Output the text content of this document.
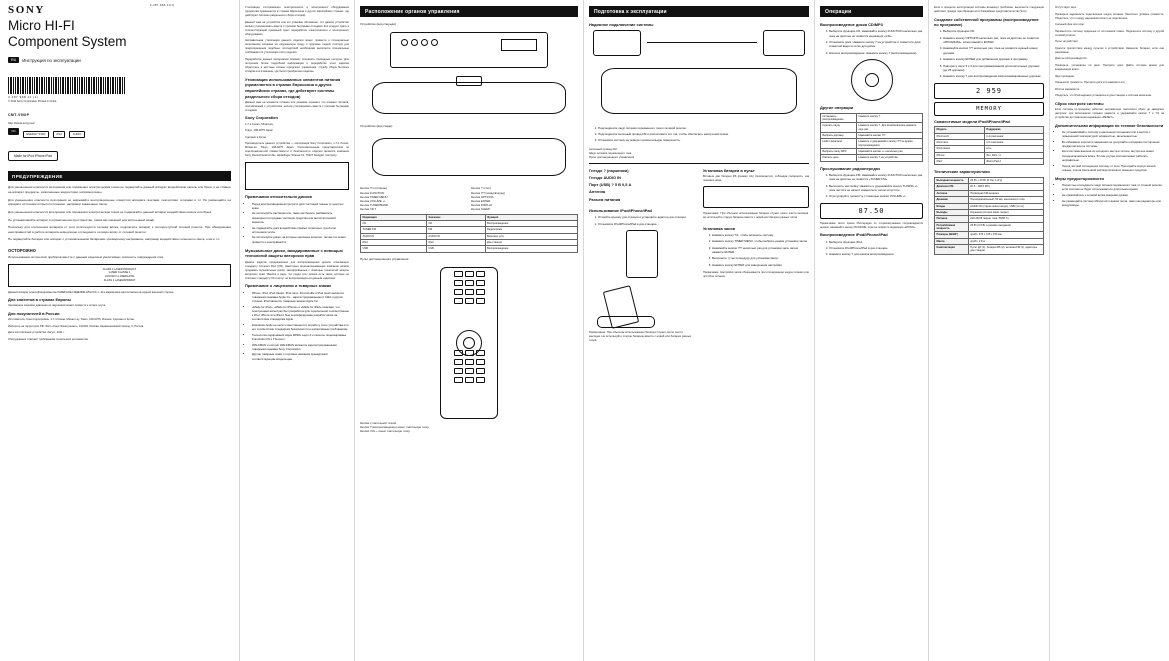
SONY	4-287-968-11(1)
Micro HI-FI
Component System
RU	Инструкция по эксплуатации
4 287 968 11 (1)
© 2011 Sony Corporation Printed in China
CMT-V50iP
http://www.sony.net/
CD
ENERGY STAR	iPod	AUDIO
Made for iPod iPhone iPad
ПРЕДУПРЕЖДЕНИЕ

Для уменьшения опасности возгорания или поражения электрическим током не подвергайте данный аппарат воздействию капель или брызг и не ставьте на аппарат предметы, заполненные жидкостями, например вазы.

Для уменьшения опасности возгорания не закрывайте вентиляционные отверстия аппарата газетами, скатертями, шторами и т.п. Не размещайте на аппарате источники открытого пламени, например зажженные свечи.

Для уменьшения опасности возгорания или поражения электрическим током не подвергайте данный аппарат воздействию капель или брызг.

Не устанавливайте аппарат в ограниченном пространстве, таком как книжный или встроенный шкаф.

Поскольку для отключения аппарата от сети используется сетевая вилка, подключите аппарат к легкодоступной сетевой розетке. При обнаружении неисправностей в работе аппарата немедленно отсоедините сетевую вилку от сетевой розетки.

Не подвергайте батареи или аппарат с установленными батареями чрезмерному нагреванию, например воздействию солнечного света, огня и т.п.

ОСТОРОЖНО

Использование оптических приборов вместе с данным изделием увеличивает опасность повреждения глаз.

CLASS 1 LASER PRODUCT
LASER KLASSE 1
LUOKAN 1 LASERLAITE
KLASS 1 LASERAPPARAT

Данный аппарат классифицирован как ЛАЗЕРНОЕ ИЗДЕЛИЕ КЛАССА 1. Эта маркировка расположена на задней внешней стороне.

Для клиентов в странах Европы

Чрезмерное звуковое давление из наушников может привести к потере слуха.

Для покупателей в России

Изготовитель: Сони Корпорейшн, 1-7-1 Конан, Минато-ку, Токио, 108-0075, Япония. Сделано в Китае.

Импортер на территории РФ: ЗАО «Сони Электроникс», 123103, Москва, Карамышевский проезд, 6, Россия.

Дата изготовления устройства: Август, 2011 г.

Оборудование отвечает требованиям технических регламентов.

Утилизация отслужившего электрического и электронного оборудования (директива применяется в странах Евросоюза и других европейских странах, где действуют системы раздельного сбора отходов).

Данный знак на устройстве или его упаковке обозначает, что данное устройство нельзя утилизировать вместе с прочими бытовыми отходами. Его следует сдать в соответствующий приемный пункт переработки электрического и электронного оборудования.

Неправильная утилизация данного изделия может привести к потенциально негативному влиянию на окружающую среду и здоровье людей, поэтому для предотвращения подобных последствий необходимо выполнять специальные требования по утилизации этого изделия.

Переработка данных материалов поможет сохранить природные ресурсы. Для получения более подробной информации о переработке этого изделия обратитесь в местные органы городского управления, службу сбора бытовых отходов или в магазин, где было приобретено изделие.

Утилизация использованных элементов питания (применяется в странах Евросоюза и других европейских странах, где действуют системы раздельного сбора отходов)

Данный знак на элементе питания или упаковке означает, что элемент питания, поставляемый с устройством, нельзя утилизировать вместе с прочими бытовыми отходами.

Sony Corporation

1-7-1 Konan, Minato-ku,

Tokyo, 108-0075 Japan

Сделано в Китае

Производитель данного устройства — корпорация Sony Corporation, 1-7-1 Konan, Minato-ku, Tokyo, 108-0075 Japan. Уполномоченным представителем по электромагнитной совместимости и безопасности изделия является компания Sony Deutschland GmbH, Hedelfinger Strasse 61, 70327 Stuttgart, Germany.

Примечания относительно дисков
• Перед воспроизведением протрите диск чистящей тканью от центра к краю.
• Не используйте растворители, такие как бензин, разбавитель, имеющиеся в продаже чистящие средства или антистатический аэрозоль.
• Не подвергайте диск воздействию прямых солнечных лучей или источников тепла.
• Не используйте диски, на которые наклеены этикетки, так как это может привести к неисправности.
Музыкальные диски, закодированные с помощью технологий защиты авторских прав

Данное изделие предназначено для воспроизведения дисков, отвечающих стандарту Compact Disc (CD). Некоторые звукозаписывающие компании начали продавать музыкальные диски, закодированные с помощью технологий защиты авторских прав. Имейте в виду, что среди этих дисков есть такие, которые не отвечают стандарту CD и могут не воспроизводиться данным изделием.

Примечание о лицензиях и товарных знаках
• iPhone, iPod, iPod classic, iPod nano, iPod shuffle и iPod touch являются товарными знаками Apple Inc., зарегистрированными в США и других странах. iPad является товарным знаком Apple Inc.
• «Made for iPod», «Made for iPhone» и «Made for iPad» означают, что электронный аксессуар был разработан для подключения соответственно к iPod, iPhone или iPad и был сертифицирован разработчиком на соответствие стандартам Apple.
• Компания Apple не несет ответственности за работу этого устройства или его соответствие стандартам безопасности и нормативным требованиям.
• Технология кодирования звука MPEG Layer-3 и патенты лицензированы Fraunhofer IIS и Thomson.
• WALKMAN и логотип WALKMAN являются зарегистрированными товарными знаками Sony Corporation.
• Другие товарные знаки и торговые названия принадлежат соответствующим владельцам.
Расположение органов управления
Устройство (вид спереди)
Устройство (вид сзади)
Кнопка ?/1 (питание)
Кнопка FUNCTION
Кнопка TIMER MENU
Кнопка VOLUME +/-
Кнопка TUNER/BAND
Кнопка CD ?
Кнопка ? (стоп)
Кнопка ?/? (назад/вперед)
Кнопка OPTIONS
Кнопка ENTER
Кнопка DISPLAY
Кнопка SLEEP
Индикация	Значение	Функция
CD	CD	Воспроизведение
TUNER FM	FM	Радиоприем
AUDIO IN	AUDIO IN	Внешнее устр.
iPod	iPod	Док-станция
USB	USB	Воспроизведение
Пульт дистанционного управления
Кнопка с тактильной точкой.
Кнопка ? (воспроизведение) имеет тактильную точку.
Кнопка VOL + имеет тактильную точку.
Подготовка к эксплуатации
Надежное подключение системы
1. Подсоедините шнур питания переменного тока к сетевой розетке.
2. Подсоедините антенный провод FM и расположите его так, чтобы обеспечить наилучший прием.
3. Установите систему на ровную горизонтальную поверхность.
Антенный провод FM
Шнур питания переменного тока
Пульт дистанционного управления
Гнездо ? (наушники)
Гнездо AUDIO IN
Порт (USB) ? 5 В 0,5 А
Антенна
Разъем питания
Использование iPod/iPhone/iPad
1. Откройте крышку док-станции и установите адаптер док-станции.
2. Установите iPod/iPhone/iPad в док-станцию.
Примечание: При обычном использовании батареи служат около шести месяцев. Не используйте старую батарею вместе с новой или батареи разных типов.
Установка батареи в пульт

Вставьте две батареи R6 (размер AA) (прилагаются), соблюдая полярность, как показано ниже.

Примечание: При обычном использовании батареи служат около шести месяцев. Не используйте старую батарею вместе с новой или батареи разных типов.

Установка часов
1. Нажмите кнопку ?/1, чтобы включить систему.
2. Нажмите кнопку TIMER MENU, чтобы выбрать режим установки часов.
3. Нажимайте кнопки ?/? несколько раз для установки часа, затем нажмите ENTER.
4. Выполните ту же процедуру для установки минут.
5. Нажмите кнопку ENTER для завершения настройки.

Примечание: Настройки часов сбрасываются при отсоединении шнура питания или при сбое питания.

Операции
Воспроизведение диска CD/MP3
1. Выберите функцию CD. Нажимайте кнопку FUNCTION несколько раз, пока на дисплее не появится индикация «CD».
2. Установите диск. Нажмите кнопку ? на устройстве и поместите диск этикеткой вверх в отсек для диска.
3. Начните воспроизведение. Нажмите кнопку ? (воспроизведение).
Другие операции
Остановить воспроизведение	Нажмите кнопку ?.
Сделать паузу	Нажмите кнопку ?. Для возобновления нажмите еще раз.
Выбрать дорожку	Нажимайте кнопки ?/?.
Найти фрагмент	Нажмите и удерживайте кнопку ?/? во время воспроизведения.
Выбрать папку MP3	Нажимайте кнопки +/- несколько раз.
Извлечь диск	Нажмите кнопку ? на устройстве.
Прослушивание радиопередач
1. Выберите функцию FM. Нажимайте кнопку FUNCTION несколько раз, пока на дисплее не появится «TUNER FM».
2. Выполните настройку. Нажмите и удерживайте кнопку TUNING +/-, пока частота не начнет изменяться, затем отпустите.
3. Отрегулируйте громкость с помощью кнопки VOLUME +/-.
87.50

Примечание: Если прием FM-передач со стереозвучанием сопровождается шумом, нажимайте кнопку FM MODE, пока не появится индикация «MONO».

Воспроизведение iPod/iPhone/iPad
1. Выберите функцию iPod.
2. Установите iPod/iPhone/iPad в док-станцию.
3. Нажмите кнопку ? для начала воспроизведения.

Если в процессе эксплуатации системы возникнут проблемы, выполните следующие действия, прежде чем обращаться в ближайшее представительство Sony.

Создание собственной программы (воспроизведение по программе)
1. Выберите функцию CD.
2. Нажмите кнопку OPTIONS несколько раз, пока на дисплее не появится «PROGRAM», затем нажмите ENTER.
3. Нажимайте кнопки ?/? несколько раз, пока не появится нужный номер дорожки.
4. Нажмите кнопку ENTER для добавления дорожки в программу.
5. Повторите шаги 3 и 4 для программирования дополнительных дорожек (до 25 дорожек).
6. Нажмите кнопку ? для воспроизведения запрограммированных дорожек.
2 959
MEMORY
Совместимые модели iPod/iPhone/iPad
Модель	Поддержка
iPod touch	1-4 поколения
iPod nano	1-6 поколения
iPod classic	есть
iPhone	3G / 3GS / 4
iPad	iPad / iPad 2
Технические характеристики
Выходная мощность	20 Вт + 20 Вт (6 Ом, 1 кГц)
Диапазон FM	87,5 - 108,0 МГц
Антенна	Проводная FM-антенна
Динамик	Полнодиапазонный, 50 мм, конического типа
Входы	AUDIO IN (стерео мини-гнездо), USB (тип A)
Выходы	Наушники (стерео мини-гнездо)
Питание	220-240 В перем. тока, 50/60 Гц
Потребляемая мощность	25 Вт (0,5 Вт в режиме ожидания)
Размеры (Ш/В/Г)	прибл. 370 x 135 x 150 мм
Масса	прибл. 2,8 кг
Комплектация	Пульт ДУ (1), батареи R6 (2), антенна FM (1), адаптеры док-станции

Отсутствует звук.

Проверьте надежность подключения шнура питания. Увеличьте уровень громкости. Убедитесь, что к гнезду наушников ничего не подключено.

Сильный фон или шум.

Переместите систему подальше от источников помех. Подключите систему к другой сетевой розетке.

Пульт не работает.

Удалите препятствия между пультом и устройством. Замените батареи, если они разряжены.

Диск не воспроизводится.

Проверьте, установлен ли диск. Протрите диск. Дайте системе время для конденсации влаги.

Звук пропадает.

Уменьшите громкость. Протрите диск или замените его.

iPod не заряжается.

Убедитесь, что iPod надежно установлен в док-станцию и система включена.

Сброс настроек системы

Если система по-прежнему работает неправильно, выполните сброс до заводских настроек: при включенном питании нажмите и удерживайте кнопки ? и ?/1 на устройстве до появления индикации «RESET».

Дополнительная информация по технике безопасности
• Не устанавливайте систему в наклонном положении или в местах с повышенной температурой, влажностью, запыленностью.
• Во избежание короткого замыкания не допускайте попадания посторонних предметов внутрь системы.
• Если система внесена из холодного места в теплое, внутри нее может сконденсироваться влага. В этом случае система может работать неправильно.
• Перед чисткой отсоедините систему от сети. Протирайте корпус мягкой тканью, слегка смоченной раствором мягкого моющего средства.
Меры предосторожности
• Полностью отсоедините шнур питания переменного тока от стенной розетки, если система не будет использоваться длительное время.
• Не прикасайтесь к сетевой вилке мокрыми руками.
• Не размещайте систему вблизи источников тепла, таких как радиаторы или воздуховоды.
